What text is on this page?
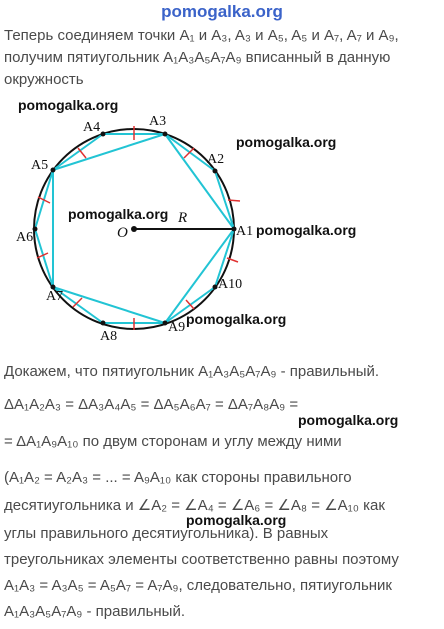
pomogalka.org
Теперь соединяем точки A₁ и A₃, A₃ и A₅, A₅ и A₇, A₇ и A₉,
получим пятиугольник A₁A₃A₅A₇A₉ вписанный в данную
окружность
A1
A2
A3
A4
A5
A6
A7
A8
A9
A10
O
R
pomogalka.org
pomogalka.org
pomogalka.org
pomogalka.org
pomogalka.org
Докажем, что пятиугольник A₁A₃A₅A₇A₉ - правильный.
ΔA₁A₂A₃ = ΔA₃A₄A₅ = ΔA₅A₆A₇ = ΔA₇A₈A₉ =
pomogalka.org
= ΔA₁A₉A₁₀ по двум сторонам и углу между ними
(A₁A₂ = A₂A₃ = ... = A₉A₁₀ как стороны правильного
десятиугольника и ∠A₂ = ∠A₄ = ∠A₆ = ∠A₈ = ∠A₁₀ как
pomogalka.org
углы правильного десятиугольника). В равных
треугольниках элементы соответственно равны поэтому
A₁A₃ = A₃A₅ = A₅A₇ = A₇A₉, следовательно, пятиугольник
A₁A₃A₅A₇A₉ - правильный.
